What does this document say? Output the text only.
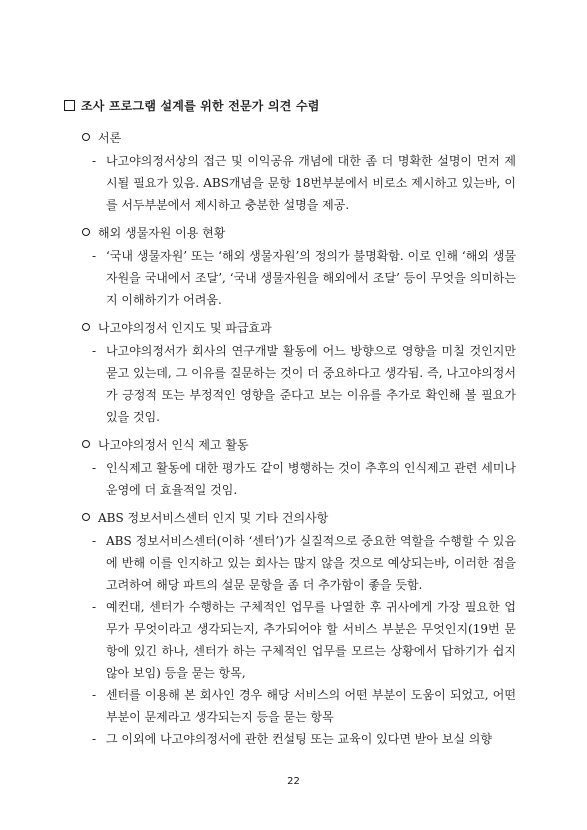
조사 프로그램 설계를 위한 전문가 의견 수렴
서론
- 나고야의정서상의 접근 및 이익공유 개념에 대한 좀 더 명확한 설명이 먼저 제시될 필요가 있음. ABS개념을 문항 18번부분에서 비로소 제시하고 있는바, 이를 서두부분에서 제시하고 충분한 설명을 제공.
해외 생물자원 이용 현황
- ‘국내 생물자원’ 또는 ‘해외 생물자원’의 정의가 불명확함. 이로 인해 ‘해외 생물자원을 국내에서 조달’, ‘국내 생물자원을 해외에서 조달’ 등이 무엇을 의미하는지 이해하기가 어려움.
나고야의정서 인지도 및 파급효과
- 나고야의정서가 회사의 연구개발 활동에 어느 방향으로 영향을 미칠 것인지만 묻고 있는데, 그 이유를 질문하는 것이 더 중요하다고 생각됨. 즉, 나고야의정서가 긍정적 또는 부정적인 영향을 준다고 보는 이유를 추가로 확인해 볼 필요가 있을 것임.
나고야의정서 인식 제고 활동
- 인식제고 활동에 대한 평가도 같이 병행하는 것이 추후의 인식제고 관련 세미나 운영에 더 효율적일 것임.
ABS 정보서비스센터 인지 및 기타 건의사항
- ABS 정보서비스센터(이하 ‘센터’)가 실질적으로 중요한 역할을 수행할 수 있음에 반해 이를 인지하고 있는 회사는 많지 않을 것으로 예상되는바, 이러한 점을 고려하여 해당 파트의 설문 문항을 좀 더 추가함이 좋을 듯함.
- 예컨대, 센터가 수행하는 구체적인 업무를 나열한 후 귀사에게 가장 필요한 업무가 무엇이라고 생각되는지, 추가되어야 할 서비스 부분은 무엇인지(19번 문항에 있긴 하나, 센터가 하는 구체적인 업무를 모르는 상황에서 답하기가 쉽지 않아 보임) 등을 묻는 항목,
- 센터를 이용해 본 회사인 경우 해당 서비스의 어떤 부분이 도움이 되었고, 어떤 부분이 문제라고 생각되는지 등을 묻는 항목
- 그 이외에 나고야의정서에 관한 컨설팅 또는 교육이 있다면 받아 보실 의향
22
